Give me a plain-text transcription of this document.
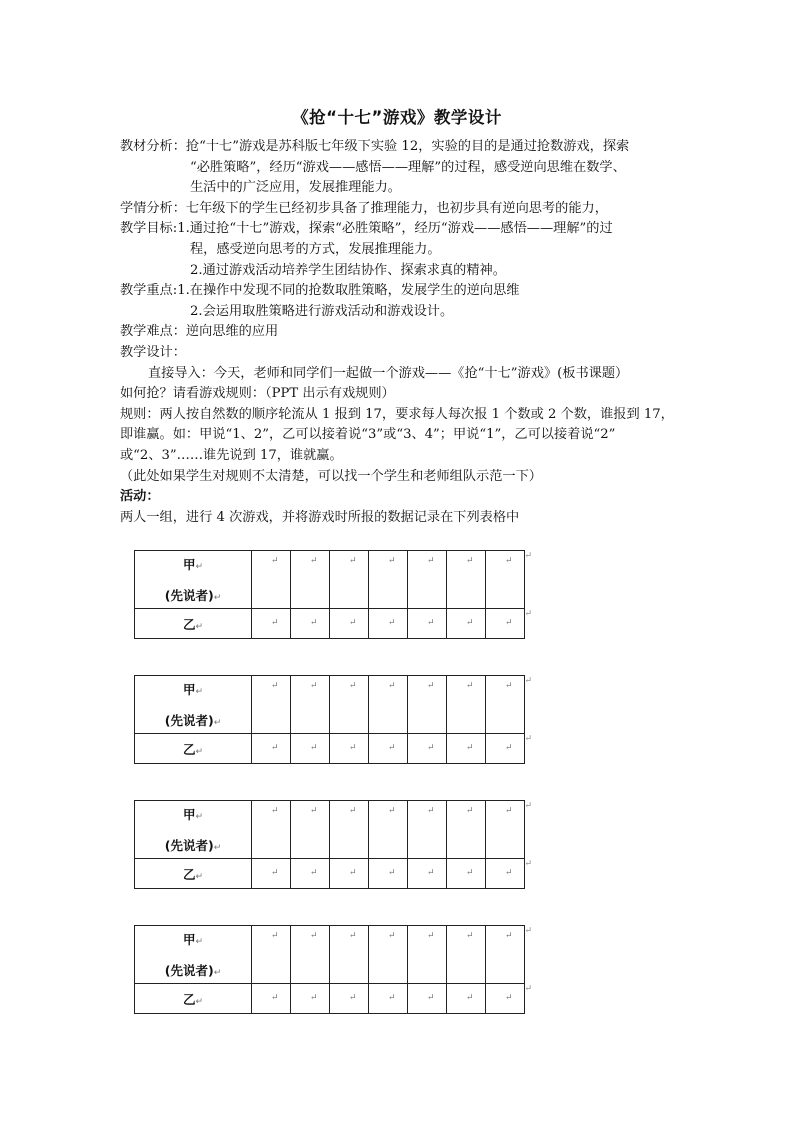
《抢“十七”游戏》教学设计
教材分析：抢“十七”游戏是苏科版七年级下实验 12，实验的目的是通过抢数游戏，探索
“必胜策略”，经历“游戏——感悟——理解”的过程，感受逆向思维在数学、
生活中的广泛应用，发展推理能力。
学情分析：七年级下的学生已经初步具备了推理能力，也初步具有逆向思考的能力，
教学目标:1.通过抢“十七”游戏，探索“必胜策略”，经历“游戏——感悟——理解”的过
程，感受逆向思考的方式，发展推理能力。
2.通过游戏活动培养学生团结协作、探索求真的精神。
教学重点:1.在操作中发现不同的抢数取胜策略，发展学生的逆向思维
2.会运用取胜策略进行游戏活动和游戏设计。
教学难点：逆向思维的应用
教学设计：
直接导入：今天，老师和同学们一起做一个游戏——《抢“十七”游戏》(板书课题）
如何抢？请看游戏规则：（PPT 出示有戏规则）
规则：两人按自然数的顺序轮流从 1 报到 17，要求每人每次报 1 个数或 2 个数，谁报到 17，
即谁赢。如：甲说“1、2”，乙可以接着说“3”或“3、4”；甲说“1”，乙可以接着说“2”
或“2、3”……谁先说到 17，谁就赢。
（此处如果学生对规则不太清楚，可以找一个学生和老师组队示范一下）
活动：
两人一组，进行 4 次游戏，并将游戏时所报的数据记录在下列表格中
甲↵
(先说者)↵	↵	↵	↵	↵	↵	↵	↵ ↵

乙↵	↵	↵	↵	↵	↵	↵	↵
↵
甲↵
(先说者)↵	↵	↵	↵	↵	↵	↵	↵ ↵

乙↵	↵	↵	↵	↵	↵	↵	↵
↵
甲↵
(先说者)↵	↵	↵	↵	↵	↵	↵	↵ ↵

乙↵	↵	↵	↵	↵	↵	↵	↵
↵
甲↵
(先说者)↵	↵	↵	↵	↵	↵	↵	↵ ↵

乙↵	↵	↵	↵	↵	↵	↵	↵
↵
